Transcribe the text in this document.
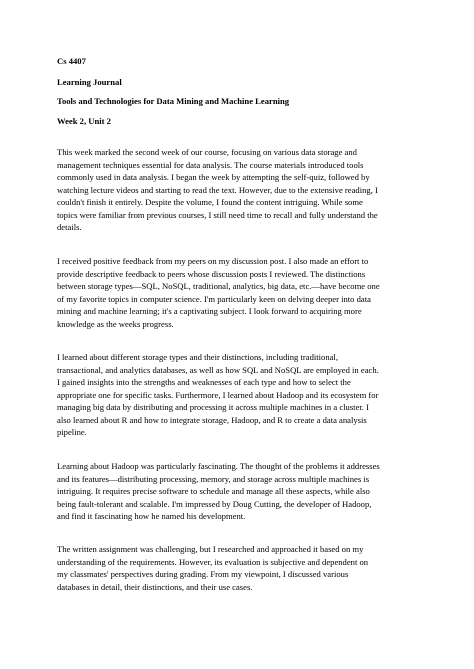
Cs 4407
Learning Journal
Tools and Technologies for Data Mining and Machine Learning
Week 2, Unit 2
This week marked the second week of our course, focusing on various data storage and
management techniques essential for data analysis. The course materials introduced tools
commonly used in data analysis. I began the week by attempting the self-quiz, followed by
watching lecture videos and starting to read the text. However, due to the extensive reading, I
couldn't finish it entirely. Despite the volume, I found the content intriguing. While some
topics were familiar from previous courses, I still need time to recall and fully understand the
details.
I received positive feedback from my peers on my discussion post. I also made an effort to
provide descriptive feedback to peers whose discussion posts I reviewed. The distinctions
between storage types—SQL, NoSQL, traditional, analytics, big data, etc.—have become one
of my favorite topics in computer science. I'm particularly keen on delving deeper into data
mining and machine learning; it's a captivating subject. I look forward to acquiring more
knowledge as the weeks progress.
I learned about different storage types and their distinctions, including traditional,
transactional, and analytics databases, as well as how SQL and NoSQL are employed in each.
I gained insights into the strengths and weaknesses of each type and how to select the
appropriate one for specific tasks. Furthermore, I learned about Hadoop and its ecosystem for
managing big data by distributing and processing it across multiple machines in a cluster. I
also learned about R and how to integrate storage, Hadoop, and R to create a data analysis
pipeline.
Learning about Hadoop was particularly fascinating. The thought of the problems it addresses
and its features—distributing processing, memory, and storage across multiple machines is
intriguing. It requires precise software to schedule and manage all these aspects, while also
being fault-tolerant and scalable. I'm impressed by Doug Cutting, the developer of Hadoop,
and find it fascinating how he named his development.
The written assignment was challenging, but I researched and approached it based on my
understanding of the requirements. However, its evaluation is subjective and dependent on
my classmates' perspectives during grading. From my viewpoint, I discussed various
databases in detail, their distinctions, and their use cases.
